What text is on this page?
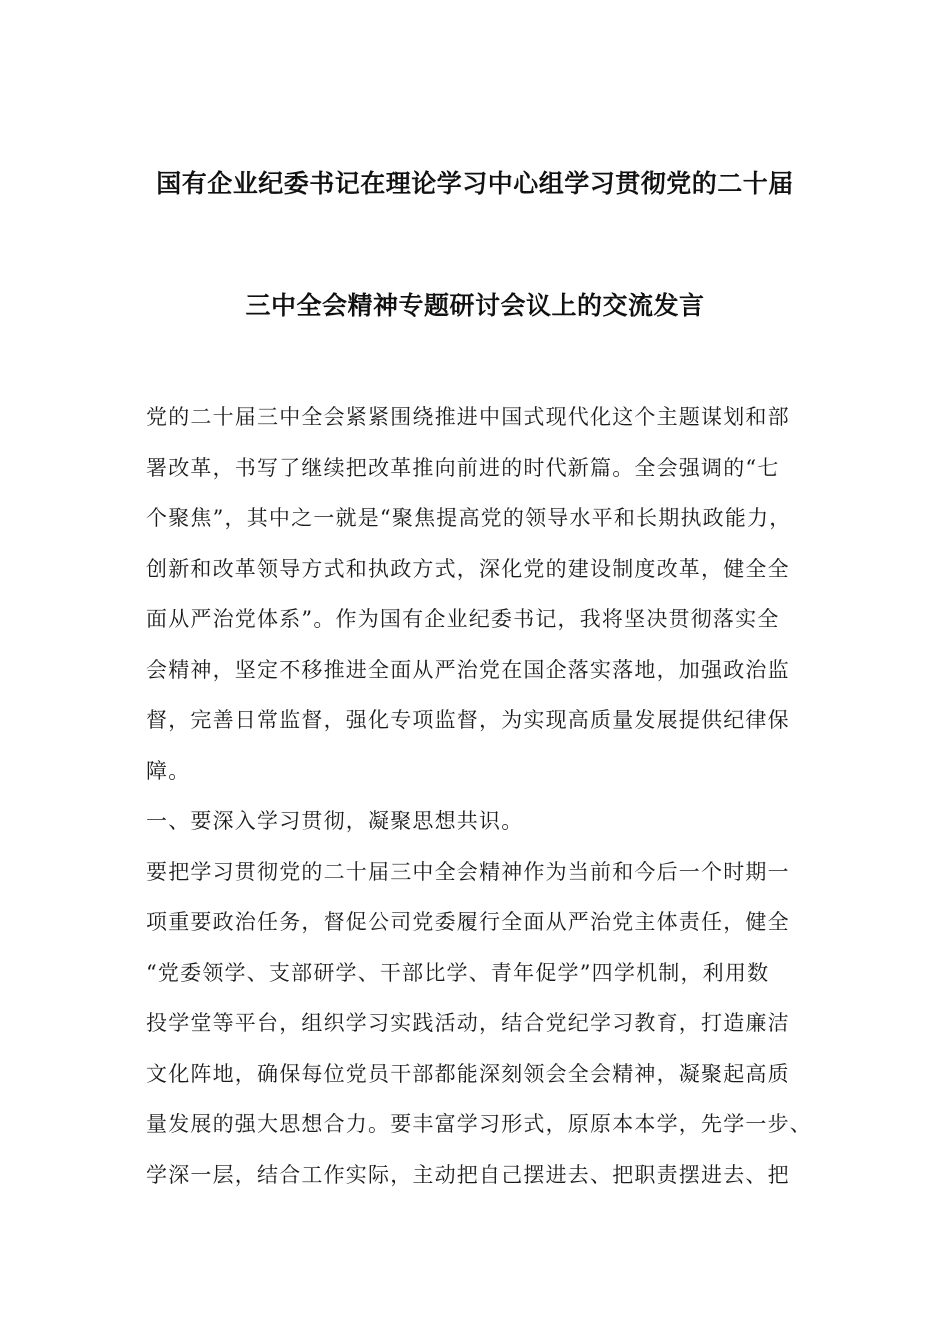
国有企业纪委书记在理论学习中心组学习贯彻党的二十届
三中全会精神专题研讨会议上的交流发言
党的二十届三中全会紧紧围绕推进中国式现代化这个主题谋划和部
署改革，书写了继续把改革推向前进的时代新篇。全会强调的“七
个聚焦”，其中之一就是“聚焦提高党的领导水平和长期执政能力，
创新和改革领导方式和执政方式，深化党的建设制度改革，健全全
面从严治党体系”。作为国有企业纪委书记，我将坚决贯彻落实全
会精神，坚定不移推进全面从严治党在国企落实落地，加强政治监
督，完善日常监督，强化专项监督，为实现高质量发展提供纪律保
障。
一、要深入学习贯彻，凝聚思想共识。
要把学习贯彻党的二十届三中全会精神作为当前和今后一个时期一
项重要政治任务，督促公司党委履行全面从严治党主体责任，健全
“党委领学、支部研学、干部比学、青年促学”四学机制，利用数
投学堂等平台，组织学习实践活动，结合党纪学习教育，打造廉洁
文化阵地，确保每位党员干部都能深刻领会全会精神，凝聚起高质
量发展的强大思想合力。要丰富学习形式，原原本本学，先学一步、
学深一层，结合工作实际，主动把自己摆进去、把职责摆进去、把
